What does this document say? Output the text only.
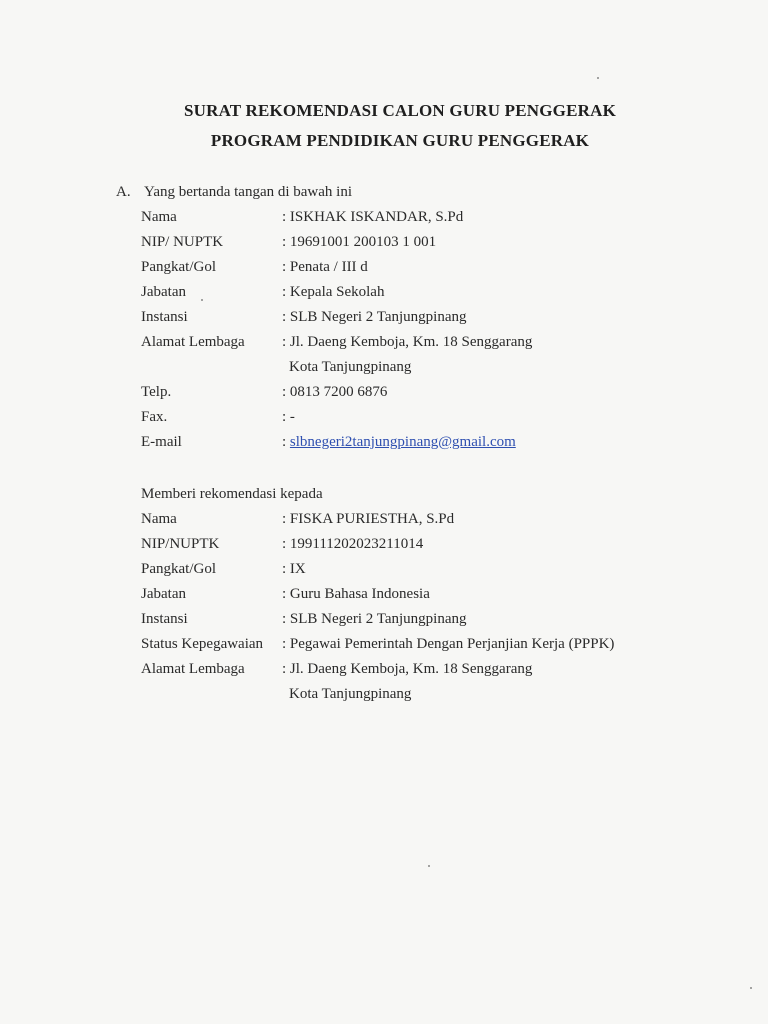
SURAT REKOMENDASI CALON GURU PENGGERAK
PROGRAM PENDIDIKAN GURU PENGGERAK
A. Yang bertanda tangan di bawah ini
Nama	: ISKHAK ISKANDAR, S.Pd
NIP/ NUPTK	: 19691001 200103 1 001
Pangkat/Gol	: Penata / III d
Jabatan	: Kepala Sekolah
Instansi	: SLB Negeri 2 Tanjungpinang
Alamat Lembaga : Jl. Daeng Kemboja, Km. 18 Senggarang
Kota Tanjungpinang
Telp.	: 0813 7200 6876
Fax.	: -
E-mail	: slbnegeri2tanjungpinang@gmail.com
Memberi rekomendasi kepada
Nama	: FISKA PURIESTHA, S.Pd
NIP/NUPTK	: 199111202023211014
Pangkat/Gol	: IX
Jabatan	: Guru Bahasa Indonesia
Instansi	: SLB Negeri 2 Tanjungpinang
Status Kepegawaian : Pegawai Pemerintah Dengan Perjanjian Kerja (PPPK)
Alamat Lembaga : Jl. Daeng Kemboja, Km. 18 Senggarang
Kota Tanjungpinang
